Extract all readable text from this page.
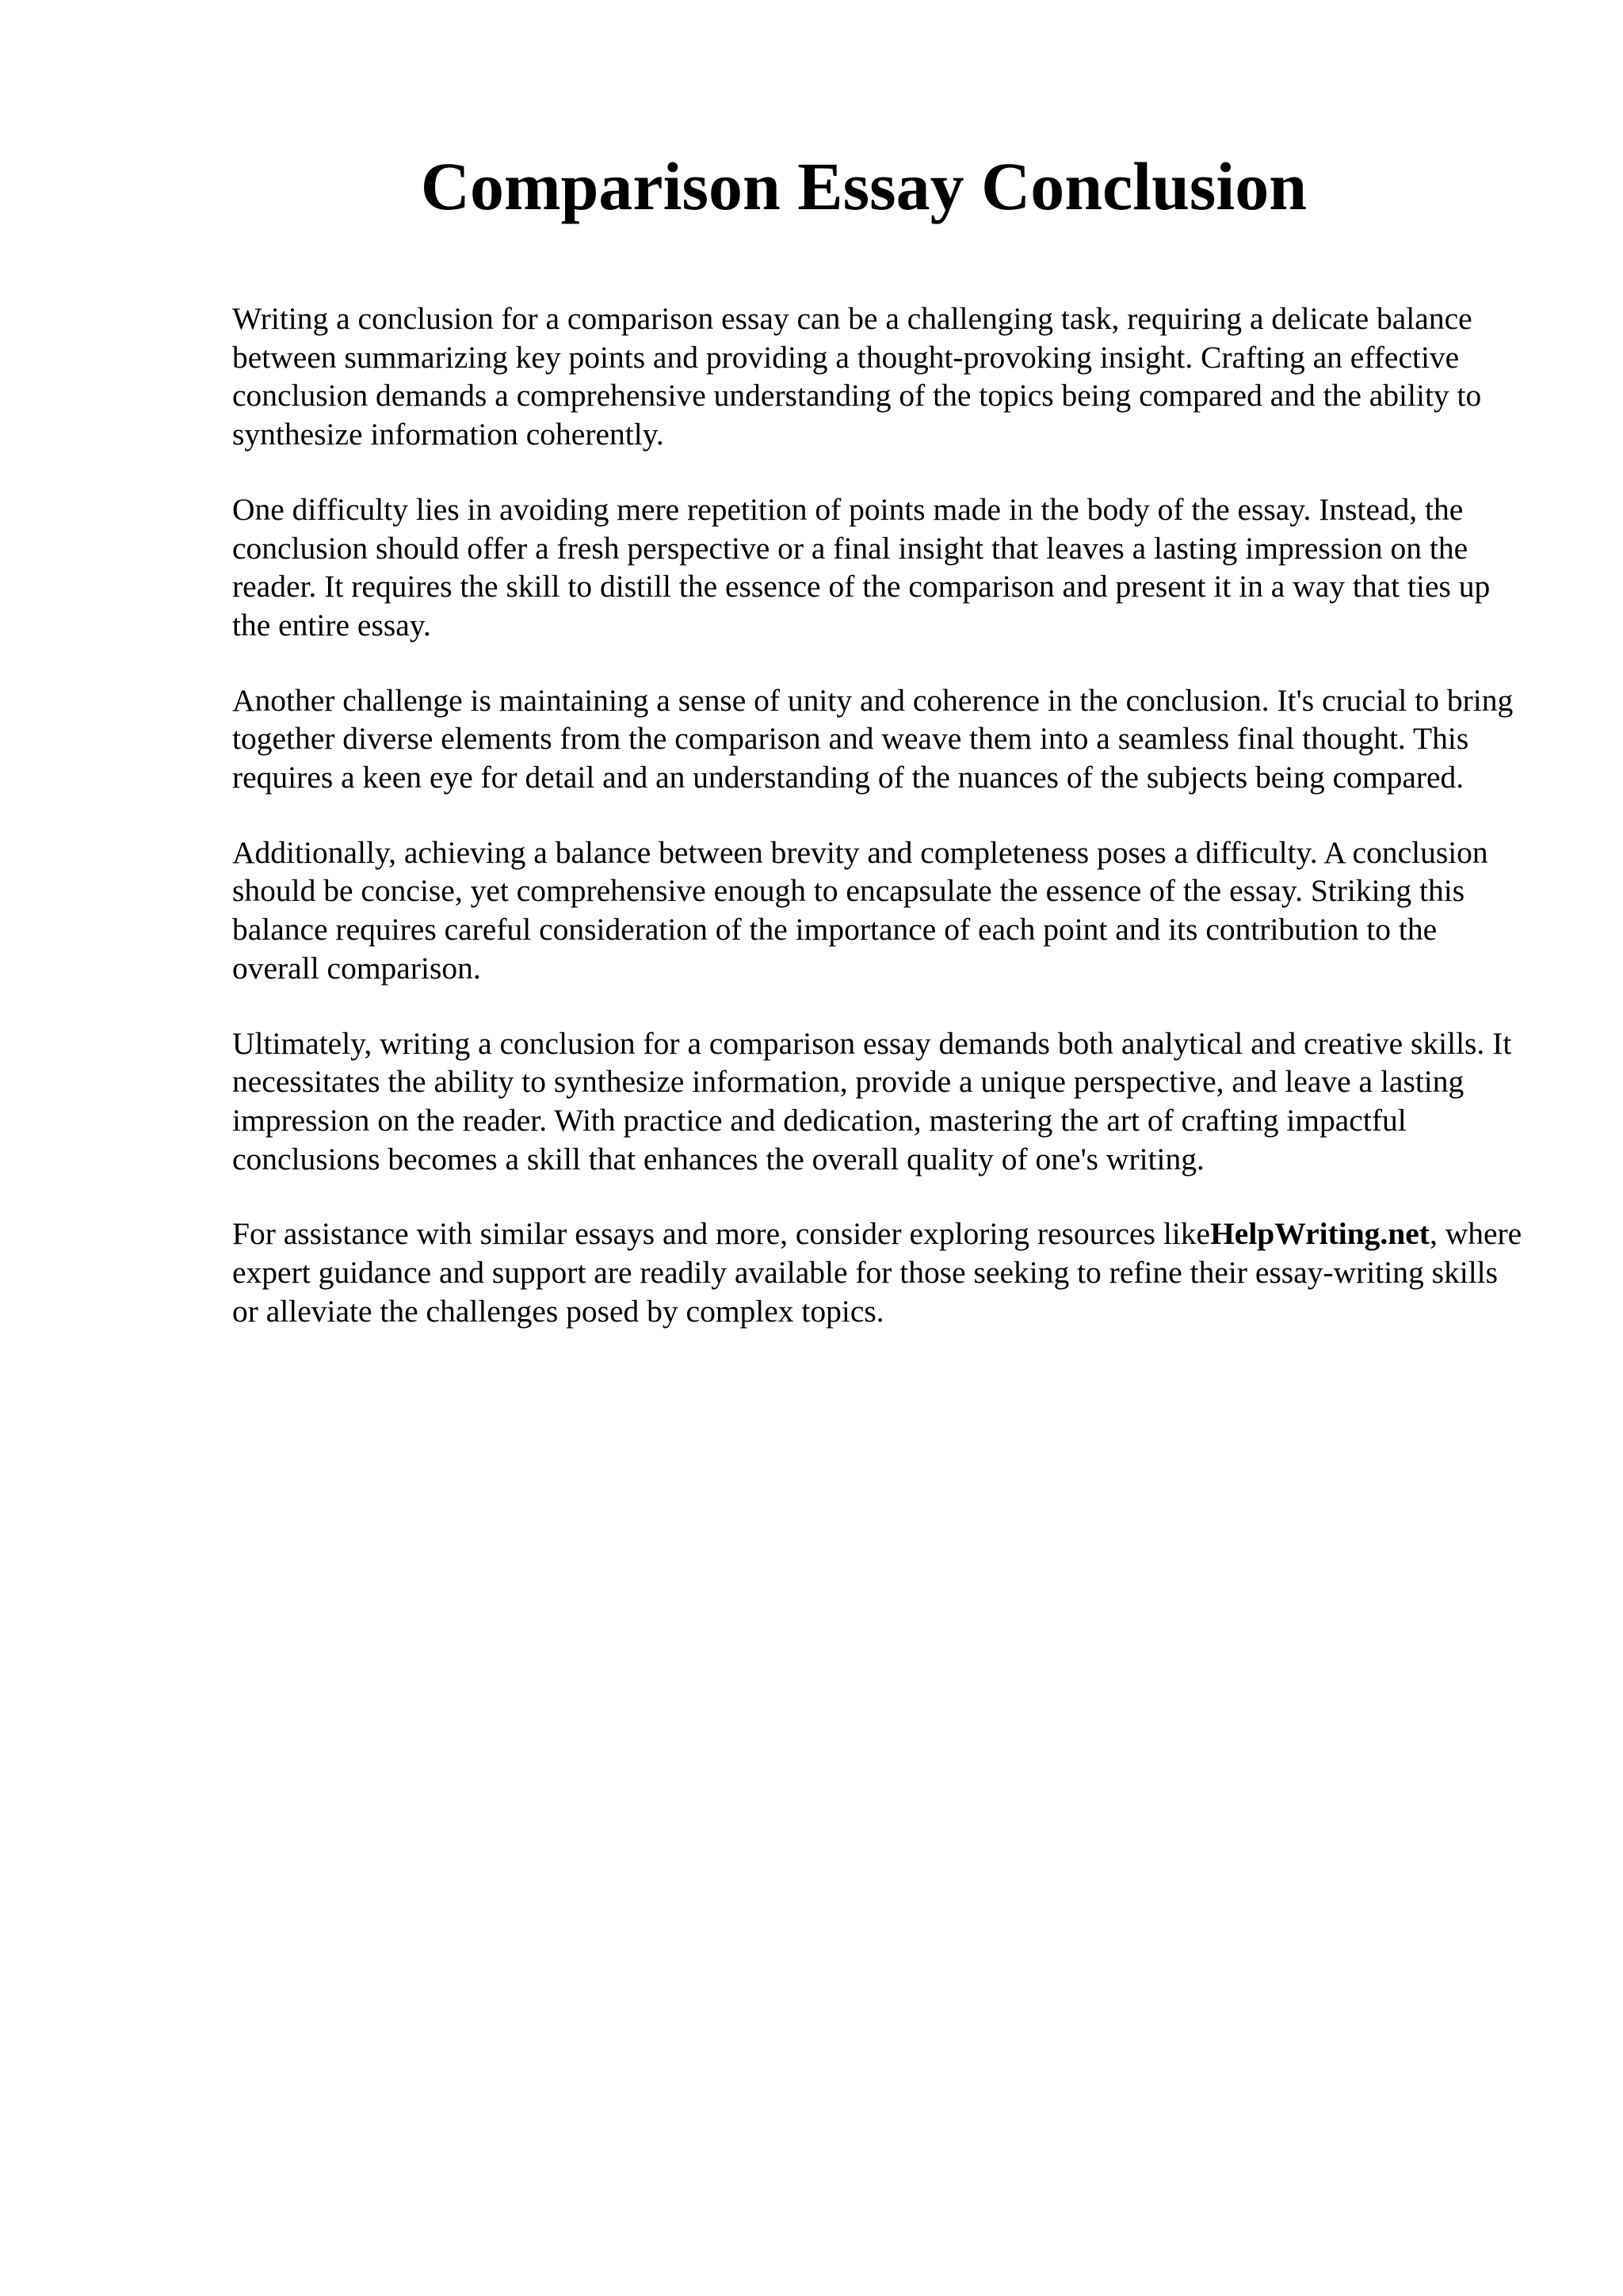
Comparison Essay Conclusion

Writing a conclusion for a comparison essay can be a challenging task, requiring a delicate balance between summarizing key points and providing a thought-provoking insight. Crafting an effective conclusion demands a comprehensive understanding of the topics being compared and the ability to synthesize information coherently.

One difficulty lies in avoiding mere repetition of points made in the body of the essay. Instead, the conclusion should offer a fresh perspective or a final insight that leaves a lasting impression on the reader. It requires the skill to distill the essence of the comparison and present it in a way that ties up the entire essay.

Another challenge is maintaining a sense of unity and coherence in the conclusion. It's crucial to bring together diverse elements from the comparison and weave them into a seamless final thought. This requires a keen eye for detail and an understanding of the nuances of the subjects being compared.

Additionally, achieving a balance between brevity and completeness poses a difficulty. A conclusion should be concise, yet comprehensive enough to encapsulate the essence of the essay. Striking this balance requires careful consideration of the importance of each point and its contribution to the overall comparison.

Ultimately, writing a conclusion for a comparison essay demands both analytical and creative skills. It necessitates the ability to synthesize information, provide a unique perspective, and leave a lasting impression on the reader. With practice and dedication, mastering the art of crafting impactful conclusions becomes a skill that enhances the overall quality of one's writing.

For assistance with similar essays and more, consider exploring resources likeHelpWriting.net, where expert guidance and support are readily available for those seeking to refine their essay-writing skills or alleviate the challenges posed by complex topics.
